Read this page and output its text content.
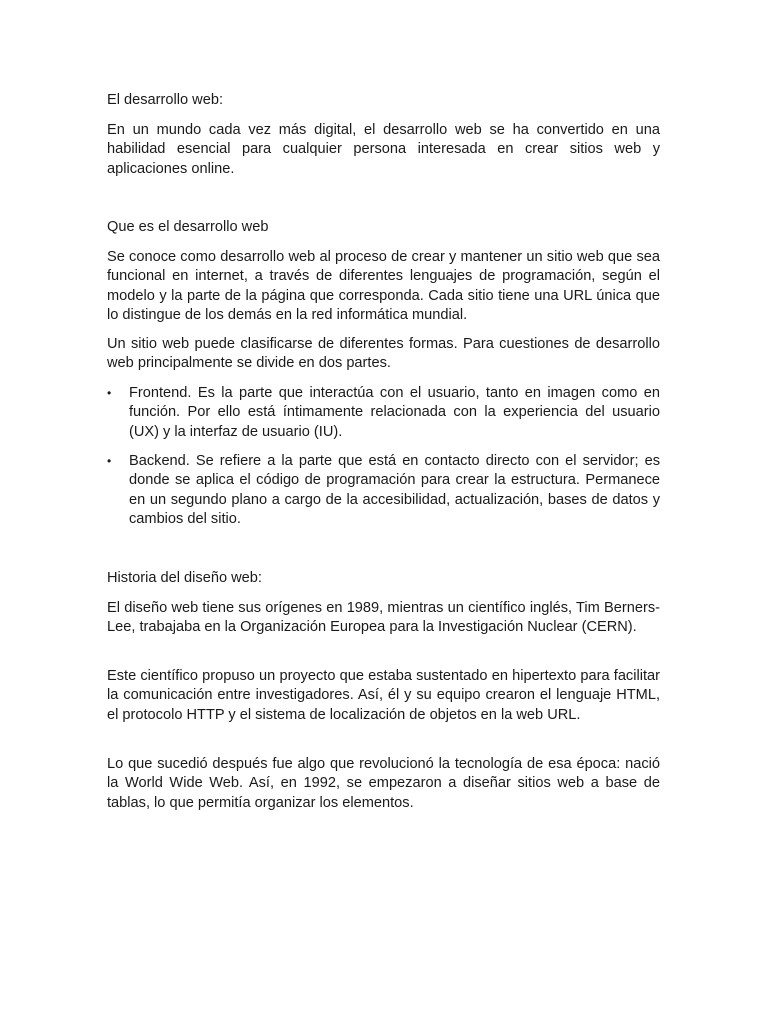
El desarrollo web:

En un mundo cada vez más digital, el desarrollo web se ha convertido en una habilidad esencial para cualquier persona interesada en crear sitios web y aplicaciones online.

Que es el desarrollo web

Se conoce como desarrollo web al proceso de crear y mantener un sitio web que sea funcional en internet, a través de diferentes lenguajes de programación, según el modelo y la parte de la página que corresponda. Cada sitio tiene una URL única que lo distingue de los demás en la red informática mundial.

Un sitio web puede clasificarse de diferentes formas. Para cuestiones de desarrollo web principalmente se divide en dos partes.

•	Frontend. Es la parte que interactúa con el usuario, tanto en imagen como en función. Por ello está íntimamente relacionada con la experiencia del usuario (UX) y la interfaz de usuario (IU).
•	Backend. Se refiere a la parte que está en contacto directo con el servidor; es donde se aplica el código de programación para crear la estructura. Permanece en un segundo plano a cargo de la accesibilidad, actualización, bases de datos y cambios del sitio.

Historia del diseño web:

El diseño web tiene sus orígenes en 1989, mientras un científico inglés, Tim Berners-Lee, trabajaba en la Organización Europea para la Investigación Nuclear (CERN).

Este científico propuso un proyecto que estaba sustentado en hipertexto para facilitar la comunicación entre investigadores. Así, él y su equipo crearon el lenguaje HTML, el protocolo HTTP y el sistema de localización de objetos en la web URL.

Lo que sucedió después fue algo que revolucionó la tecnología de esa época: nació la World Wide Web. Así, en 1992, se empezaron a diseñar sitios web a base de tablas, lo que permitía organizar los elementos.
